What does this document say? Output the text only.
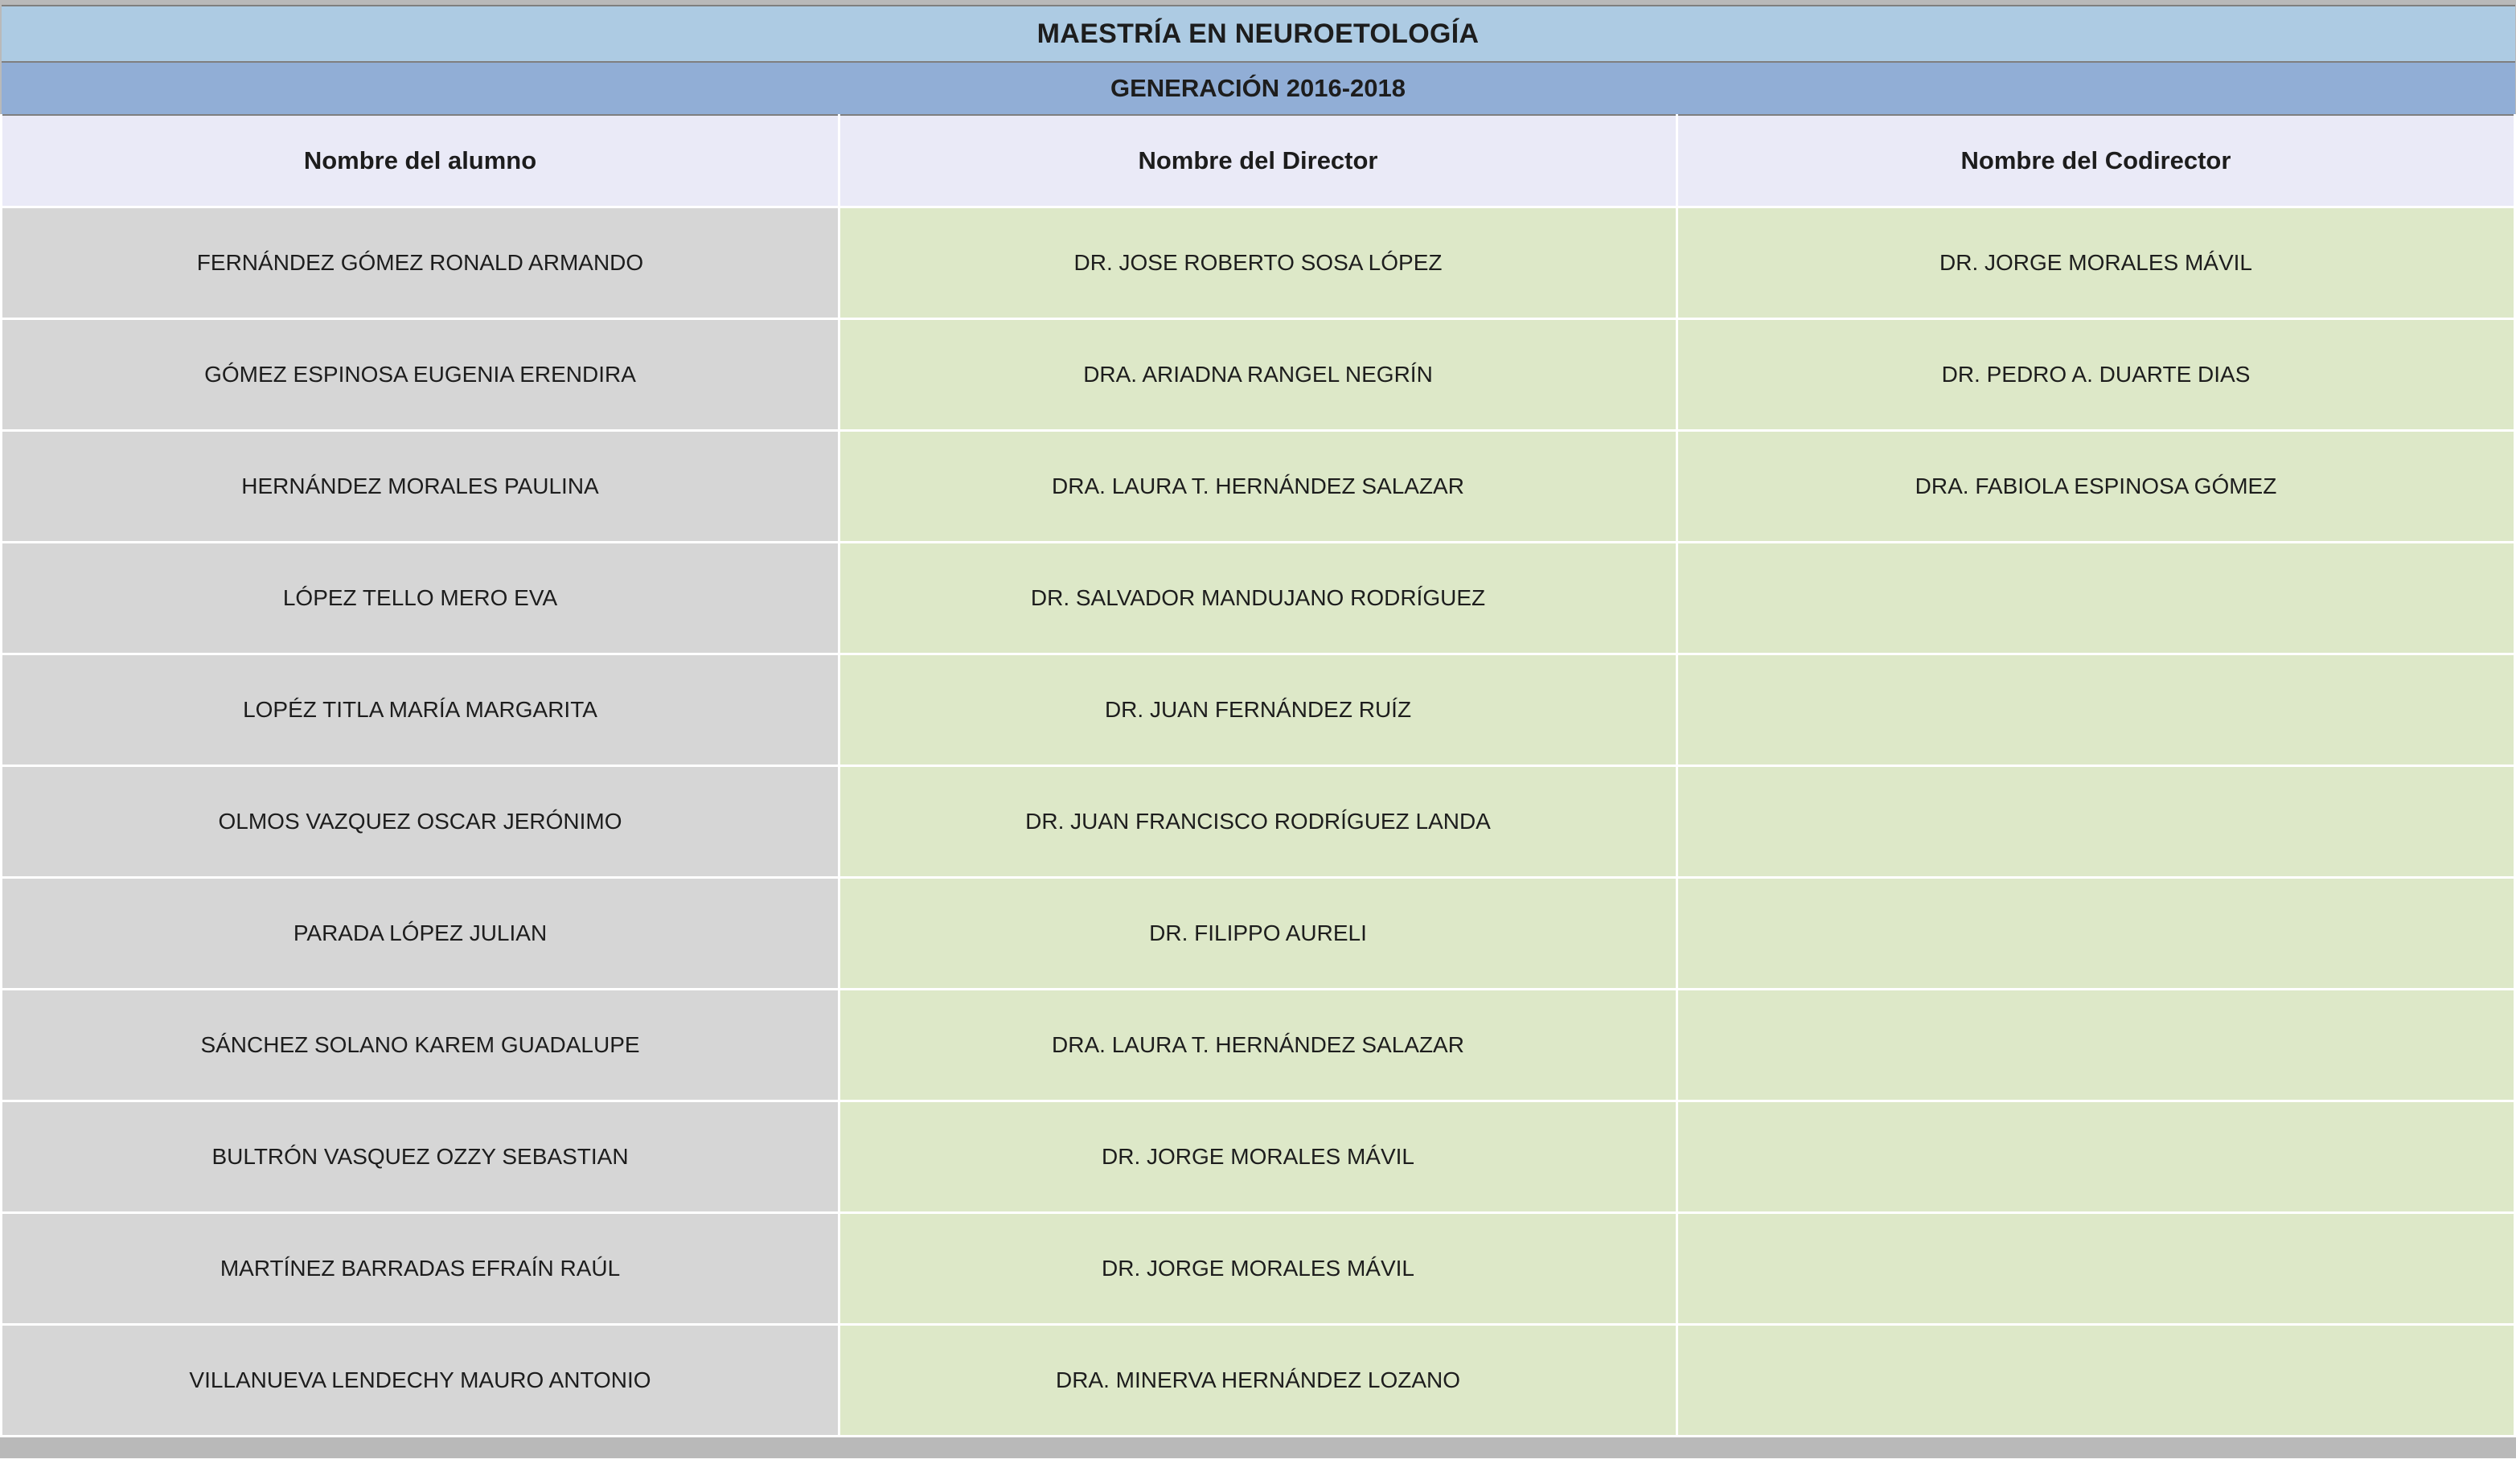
MAESTRÍA EN NEUROETOLOGÍA		
GENERACIÓN 2016-2018		
Nombre del alumno	Nombre del Director	Nombre del Codirector
FERNÁNDEZ GÓMEZ RONALD ARMANDO	DR. JOSE ROBERTO SOSA LÓPEZ	DR. JORGE MORALES MÁVIL
GÓMEZ ESPINOSA EUGENIA ERENDIRA	DRA. ARIADNA RANGEL NEGRÍN	DR. PEDRO A. DUARTE DIAS
HERNÁNDEZ MORALES PAULINA	DRA. LAURA T. HERNÁNDEZ SALAZAR	DRA. FABIOLA ESPINOSA GÓMEZ
LÓPEZ TELLO MERO EVA	DR. SALVADOR MANDUJANO RODRÍGUEZ	
LOPÉZ TITLA MARÍA MARGARITA	DR. JUAN FERNÁNDEZ RUÍZ	
OLMOS VAZQUEZ OSCAR JERÓNIMO	DR. JUAN FRANCISCO RODRÍGUEZ LANDA	
PARADA LÓPEZ JULIAN	DR. FILIPPO AURELI	
SÁNCHEZ SOLANO KAREM GUADALUPE	DRA. LAURA T. HERNÁNDEZ SALAZAR	
BULTRÓN VASQUEZ OZZY SEBASTIAN	DR. JORGE MORALES MÁVIL	
MARTÍNEZ BARRADAS EFRAÍN RAÚL	DR. JORGE MORALES MÁVIL	
VILLANUEVA LENDECHY MAURO ANTONIO	DRA. MINERVA HERNÁNDEZ LOZANO	
